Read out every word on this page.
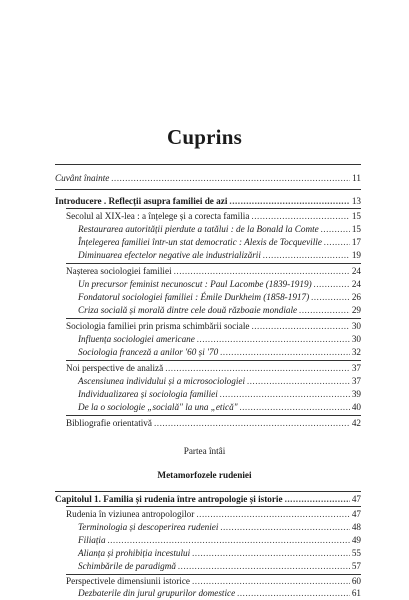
Cuprins
Cuvânt înainte .....	11
Introducere . Reflecții asupra familiei de azi .....	13
Secolul al XIX-lea : a înțelege și a corecta familia .....	15
Restaurarea autorității pierdute a tatălui : de la Bonald la Comte .....	15
Înțelegerea familiei într-un stat democratic : Alexis de Tocqueville .....	17
Diminuarea efectelor negative ale industrializării .....	19
Nașterea sociologiei familiei .....	24
Un precursor feminist necunoscut : Paul Lacombe (1839-1919) .....	24
Fondatorul sociologiei familiei : Émile Durkheim (1858-1917) .....	26
Criza socială și morală dintre cele două războaie mondiale .....	29
Sociologia familiei prin prisma schimbării sociale .....	30
Influența sociologiei americane .....	30
Sociologia franceză a anilor '60 și '70 .....	32
Noi perspective de analiză .....	37
Ascensiunea individului și a microsociologiei .....	37
Individualizarea și sociologia familiei .....	39
De la o sociologie „socială" la una „etică" .....	40
Bibliografie orientativă .....	42
Partea întâi
Metamorfozele rudeniei
Capitolul 1. Familia și rudenia între antropologie și istorie .....	47
Rudenia în viziunea antropologilor .....	47
Terminologia și descoperirea rudeniei .....	48
Filiația .....	49
Alianța și prohibiția incestului .....	55
Schimbările de paradigmă .....	57
Perspectivele dimensiunii istorice .....	60
Dezbaterile din jurul grupurilor domestice .....	61
